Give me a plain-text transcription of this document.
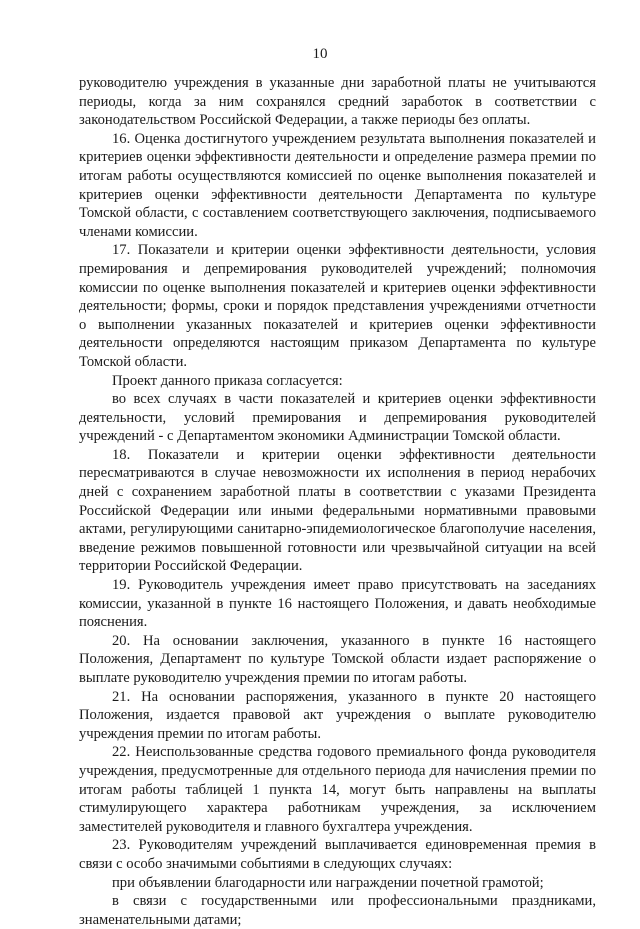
10

руководителю учреждения в указанные дни заработной платы не учитываются периоды, когда за ним сохранялся средний заработок в соответствии с законодательством Российской Федерации, а также периоды без оплаты.

16. Оценка достигнутого учреждением результата выполнения показателей и критериев оценки эффективности деятельности и определение размера премии по итогам работы осуществляются комиссией по оценке выполнения показателей и критериев оценки эффективности деятельности Департамента по культуре Томской области, с составлением соответствующего заключения, подписываемого членами комиссии.

17. Показатели и критерии оценки эффективности деятельности, условия премирования и депремирования руководителей учреждений; полномочия комиссии по оценке выполнения показателей и критериев оценки эффективности деятельности; формы, сроки и порядок представления учреждениями отчетности о выполнении указанных показателей и критериев оценки эффективности деятельности определяются настоящим приказом Департамента по культуре Томской области.

Проект данного приказа согласуется:

во всех случаях в части показателей и критериев оценки эффективности деятельности, условий премирования и депремирования руководителей учреждений - с Департаментом экономики Администрации Томской области.

18. Показатели и критерии оценки эффективности деятельности пересматриваются в случае невозможности их исполнения в период нерабочих дней с сохранением заработной платы в соответствии с указами Президента Российской Федерации или иными федеральными нормативными правовыми актами, регулирующими санитарно-эпидемиологическое благополучие населения, введение режимов повышенной готовности или чрезвычайной ситуации на всей территории Российской Федерации.

19. Руководитель учреждения имеет право присутствовать на заседаниях комиссии, указанной в пункте 16 настоящего Положения, и давать необходимые пояснения.

20. На основании заключения, указанного в пункте 16 настоящего Положения, Департамент по культуре Томской области издает распоряжение о выплате руководителю учреждения премии по итогам работы.

21. На основании распоряжения, указанного в пункте 20 настоящего Положения, издается правовой акт учреждения о выплате руководителю учреждения премии по итогам работы.

22. Неиспользованные средства годового премиального фонда руководителя учреждения, предусмотренные для отдельного периода для начисления премии по итогам работы таблицей 1 пункта 14, могут быть направлены на выплаты стимулирующего характера работникам учреждения, за исключением заместителей руководителя и главного бухгалтера учреждения.

23. Руководителям учреждений выплачивается единовременная премия в связи с особо значимыми событиями в следующих случаях:

при объявлении благодарности или награждении почетной грамотой;

в связи с государственными или профессиональными праздниками, знаменательными датами;
